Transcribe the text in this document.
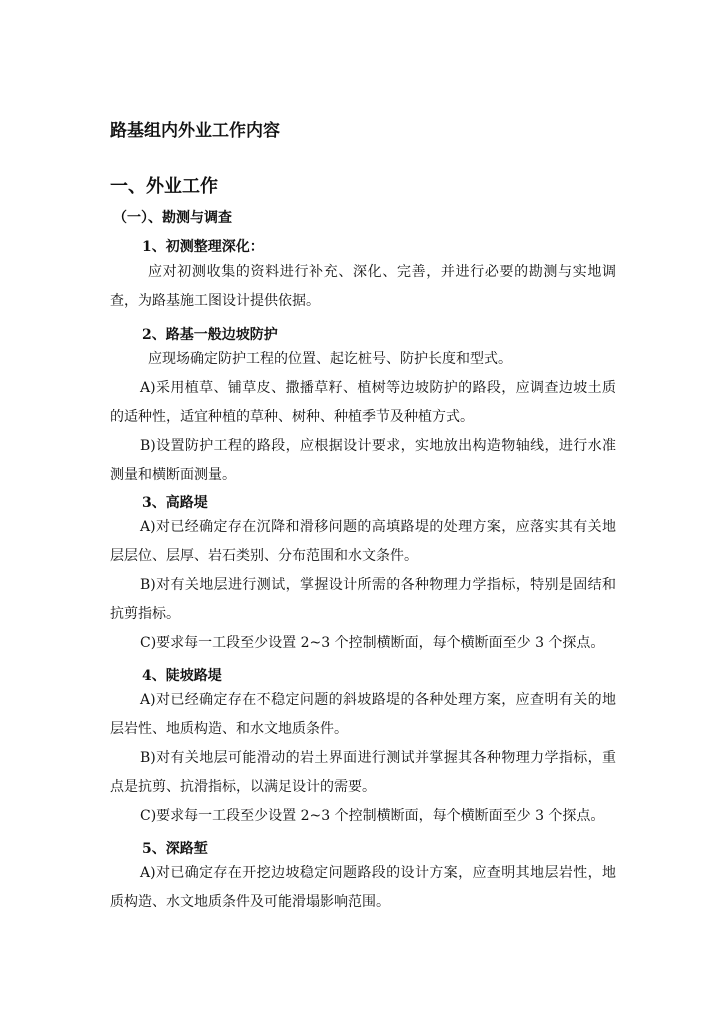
路基组内外业工作内容
一、外业工作
（一）、勘测与调查
1、初测整理深化：

应对初测收集的资料进行补充、深化、完善，并进行必要的勘测与实地调查，为路基施工图设计提供依据。

2、路基一般边坡防护

应现场确定防护工程的位置、起讫桩号、防护长度和型式。

A)采用植草、铺草皮、撒播草籽、植树等边坡防护的路段，应调查边坡土质的适种性，适宜种植的草种、树种、种植季节及种植方式。

B)设置防护工程的路段，应根据设计要求，实地放出构造物轴线，进行水准测量和横断面测量。

3、高路堤

A)对已经确定存在沉降和滑移问题的高填路堤的处理方案，应落实其有关地层层位、层厚、岩石类别、分布范围和水文条件。

B)对有关地层进行测试，掌握设计所需的各种物理力学指标，特别是固结和抗剪指标。

C)要求每一工段至少设置 2~3 个控制横断面，每个横断面至少 3 个探点。

4、陡坡路堤

A)对已经确定存在不稳定问题的斜坡路堤的各种处理方案，应查明有关的地层岩性、地质构造、和水文地质条件。

B)对有关地层可能滑动的岩土界面进行测试并掌握其各种物理力学指标，重点是抗剪、抗滑指标，以满足设计的需要。

C)要求每一工段至少设置 2~3 个控制横断面，每个横断面至少 3 个探点。

5、深路堑

A)对已确定存在开挖边坡稳定问题路段的设计方案，应查明其地层岩性，地质构造、水文地质条件及可能滑塌影响范围。
